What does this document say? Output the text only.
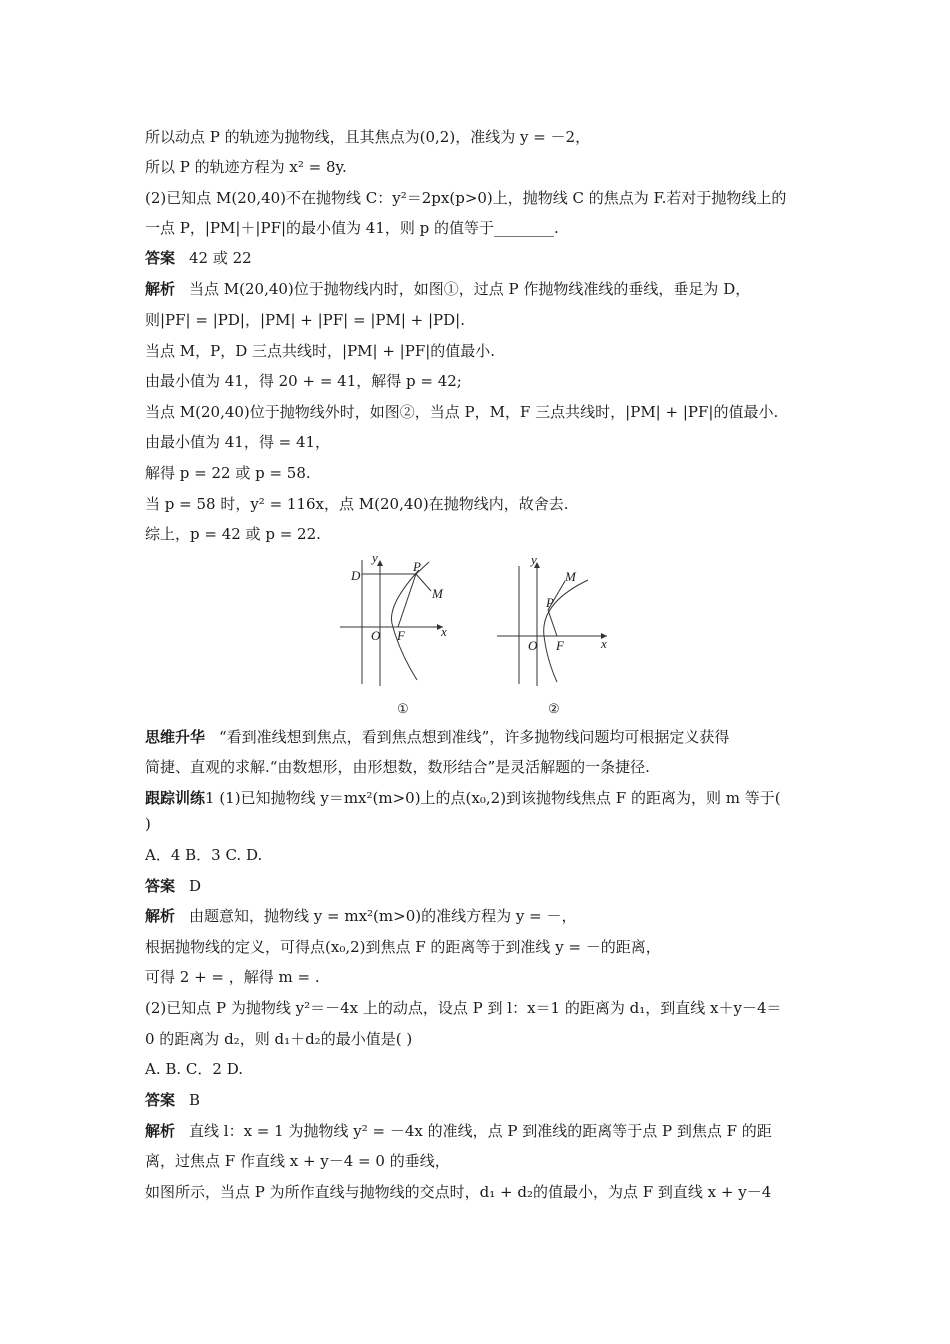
所以动点 P 的轨迹为抛物线，且其焦点为(0,2)，准线为 y = －2，
所以 P 的轨迹方程为 x² = 8y.
(2)已知点 M(20,40)不在抛物线 C：y²＝2px(p>0)上，抛物线 C 的焦点为 F.若对于抛物线上的
一点 P，|PM|＋|PF|的最小值为 41，则 p 的值等于________.
答案 42 或 22
解析 当点 M(20,40)位于抛物线内时，如图①，过点 P 作抛物线准线的垂线，垂足为 D，
则|PF| = |PD|，|PM| + |PF| = |PM| + |PD|.
当点 M，P，D 三点共线时，|PM| + |PF|的值最小.
由最小值为 41，得 20 + = 41，解得 p = 42;
当点 M(20,40)位于抛物线外时，如图②，当点 P，M，F 三点共线时，|PM| + |PF|的值最小.
由最小值为 41，得 = 41，
解得 p = 22 或 p = 58.
当 p = 58 时，y² = 116x，点 M(20,40)在抛物线内，故舍去.
综上，p = 42 或 p = 22.
y
x
O F
D
P
M
①
y
x
O F
P
M
②
思维升华 “看到准线想到焦点，看到焦点想到准线”，许多抛物线问题均可根据定义获得
简捷、直观的求解.“由数想形，由形想数，数形结合”是灵活解题的一条捷径.
跟踪训练1 (1)已知抛物线 y＝mx²(m>0)上的点(x₀,2)到该抛物线焦点 F 的距离为，则 m 等于(
)
A．4 B．3 C. D.
答案 D
解析 由题意知，抛物线 y = mx²(m>0)的准线方程为 y = －，
根据抛物线的定义，可得点(x₀,2)到焦点 F 的距离等于到准线 y = －的距离，
可得 2 + = ，解得 m = .
(2)已知点 P 为抛物线 y²＝－4x 上的动点，设点 P 到 l：x＝1 的距离为 d₁，到直线 x＋y－4＝
0 的距离为 d₂，则 d₁＋d₂的最小值是( )
A. B. C．2 D.
答案 B
解析 直线 l：x = 1 为抛物线 y² = －4x 的准线，点 P 到准线的距离等于点 P 到焦点 F 的距
离，过焦点 F 作直线 x + y－4 = 0 的垂线，
如图所示，当点 P 为所作直线与抛物线的交点时，d₁ + d₂的值最小，为点 F 到直线 x + y－4
